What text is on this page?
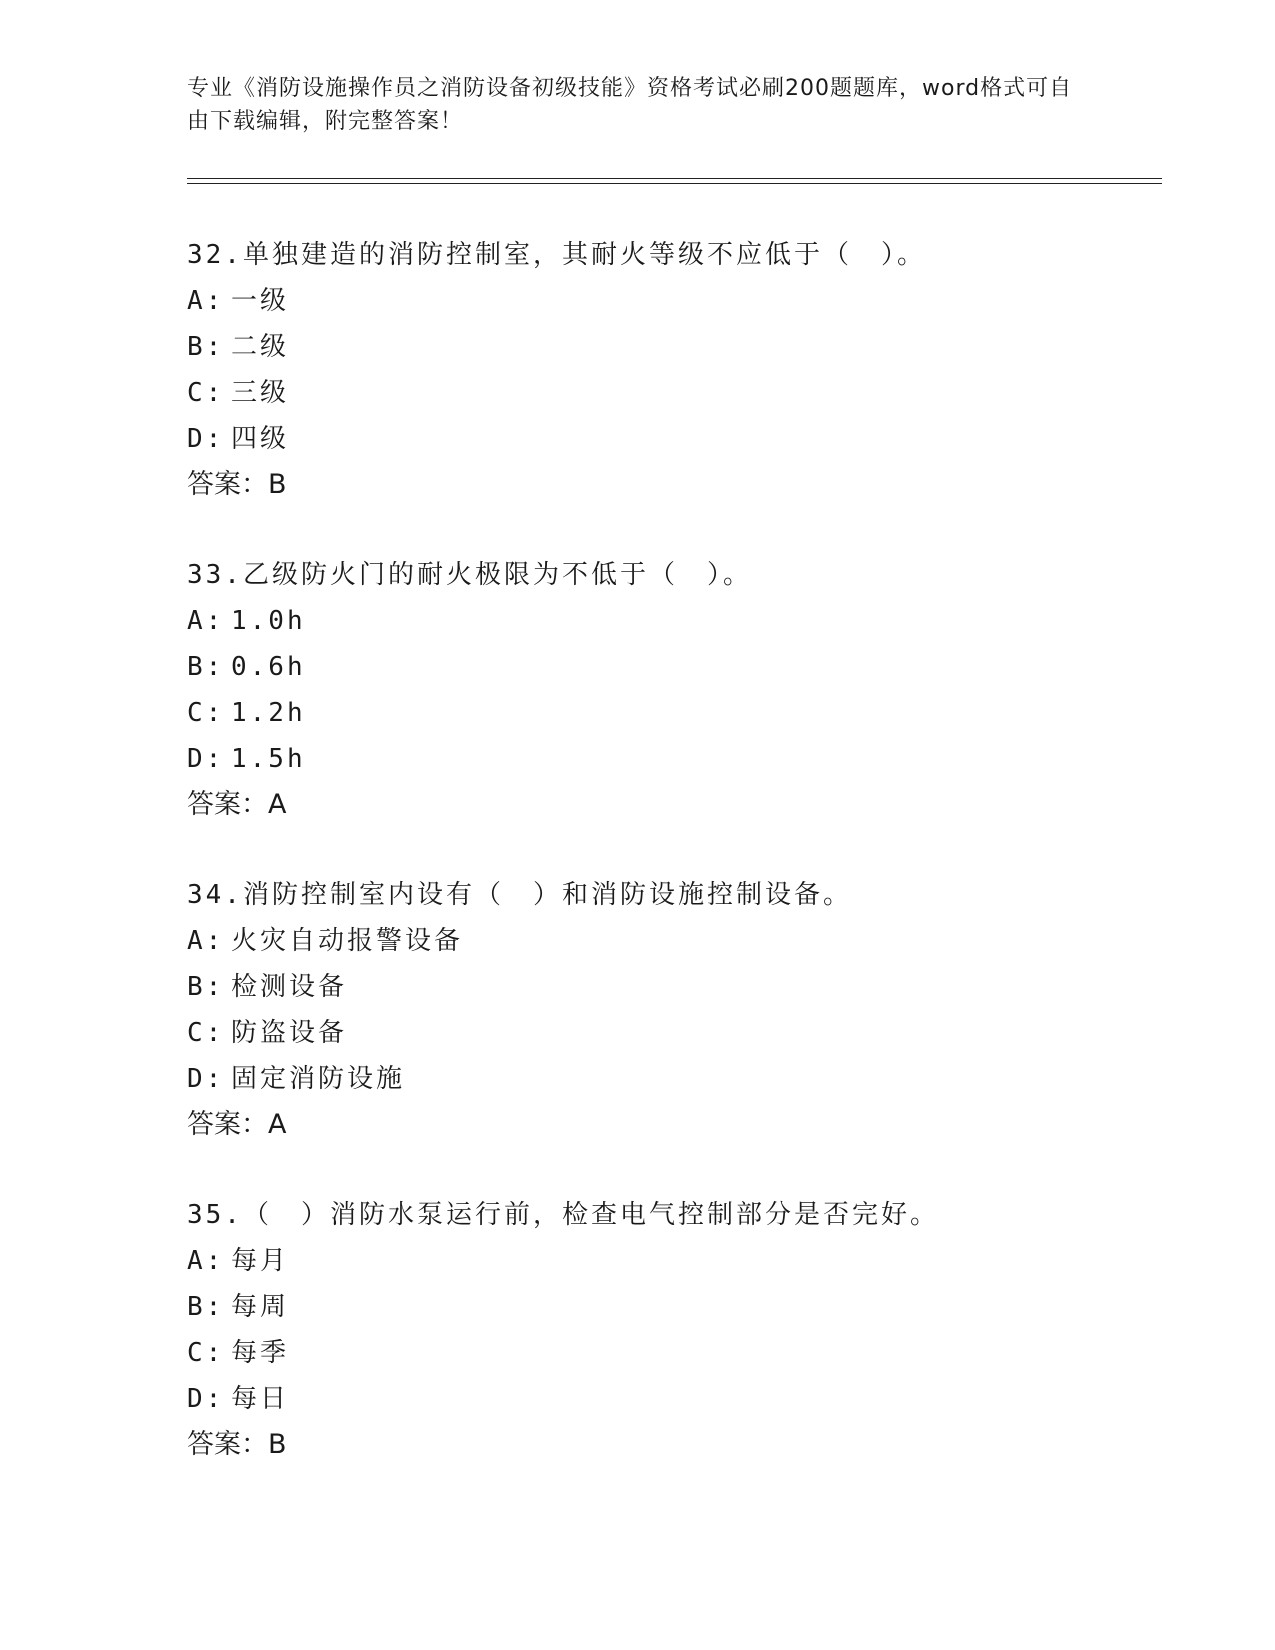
专业《消防设施操作员之消防设备初级技能》资格考试必刷200题题库，word格式可自由下载编辑，附完整答案！
32.单独建造的消防控制室，其耐火等级不应低于（　）。
A: 一级
B: 二级
C: 三级
D: 四级
答案：B
33.乙级防火门的耐火极限为不低于（　）。
A: 1.0h
B: 0.6h
C: 1.2h
D: 1.5h
答案：A
34.消防控制室内设有（　）和消防设施控制设备。
A: 火灾自动报警设备
B: 检测设备
C: 防盗设备
D: 固定消防设施
答案：A
35.（　）消防水泵运行前，检查电气控制部分是否完好。
A: 每月
B: 每周
C: 每季
D: 每日
答案：B
